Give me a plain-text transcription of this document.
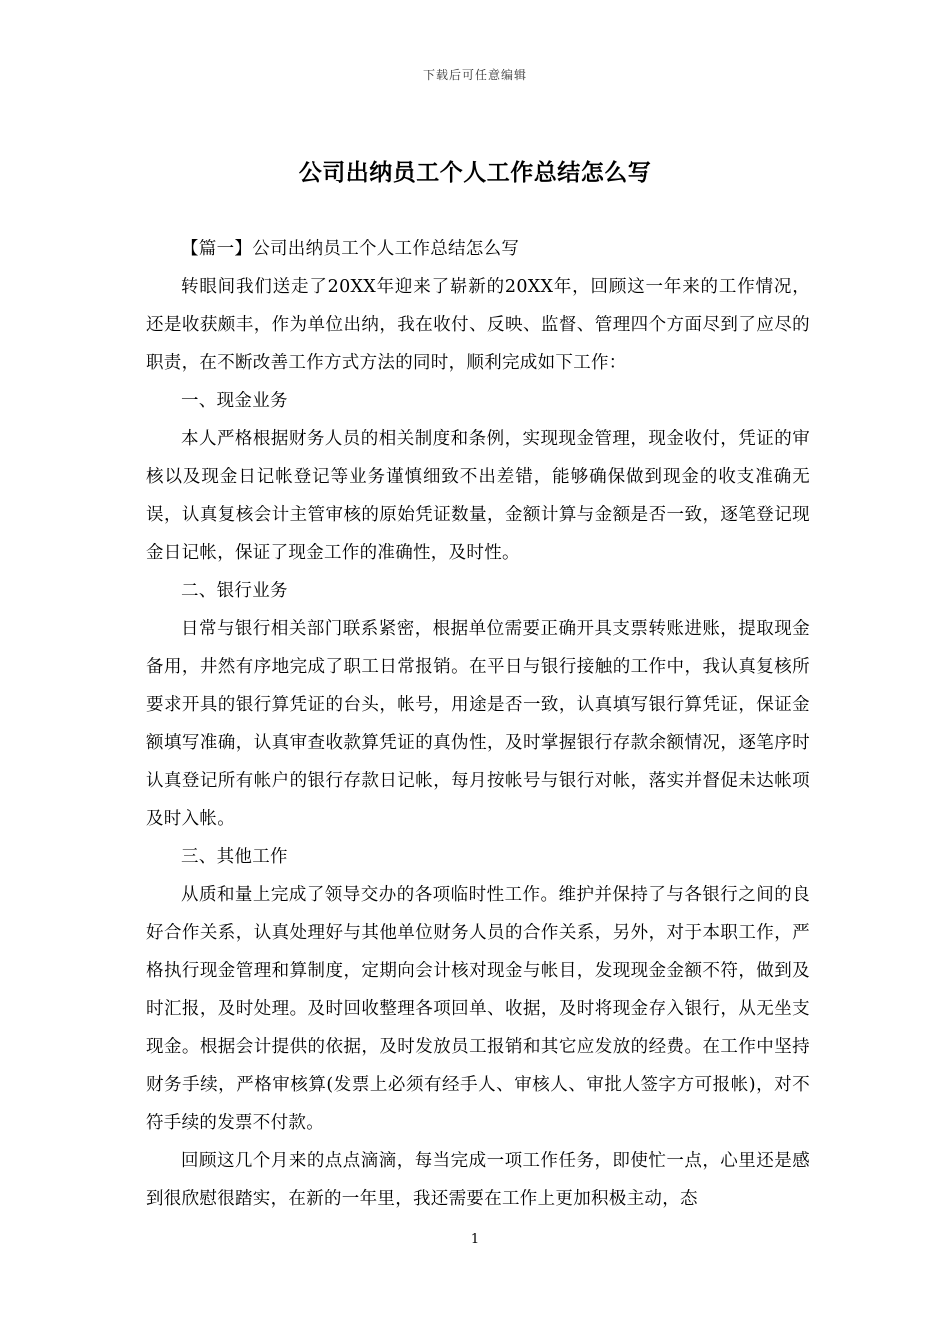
下载后可任意编辑
公司出纳员工个人工作总结怎么写

【篇一】公司出纳员工个人工作总结怎么写

转眼间我们送走了20XX年迎来了崭新的20XX年，回顾这一年来的工作情况，还是收获颇丰，作为单位出纳，我在收付、反映、监督、管理四个方面尽到了应尽的职责，在不断改善工作方式方法的同时，顺利完成如下工作：

一、现金业务

本人严格根据财务人员的相关制度和条例，实现现金管理，现金收付，凭证的审核以及现金日记帐登记等业务谨慎细致不出差错，能够确保做到现金的收支准确无误，认真复核会计主管审核的原始凭证数量，金额计算与金额是否一致，逐笔登记现金日记帐，保证了现金工作的准确性，及时性。

二、银行业务

日常与银行相关部门联系紧密，根据单位需要正确开具支票转账进账，提取现金备用，井然有序地完成了职工日常报销。在平日与银行接触的工作中，我认真复核所要求开具的银行算凭证的台头，帐号，用途是否一致，认真填写银行算凭证，保证金额填写准确，认真审查收款算凭证的真伪性，及时掌握银行存款余额情况，逐笔序时认真登记所有帐户的银行存款日记帐，每月按帐号与银行对帐，落实并督促未达帐项及时入帐。

三、其他工作

从质和量上完成了领导交办的各项临时性工作。维护并保持了与各银行之间的良好合作关系，认真处理好与其他单位财务人员的合作关系，另外，对于本职工作，严格执行现金管理和算制度，定期向会计核对现金与帐目，发现现金金额不符，做到及时汇报，及时处理。及时回收整理各项回单、收据，及时将现金存入银行，从无坐支现金。根据会计提供的依据，及时发放员工报销和其它应发放的经费。在工作中坚持财务手续，严格审核算(发票上必须有经手人、审核人、审批人签字方可报帐)，对不符手续的发票不付款。

回顾这几个月来的点点滴滴，每当完成一项工作任务，即使忙一点，心里还是感到很欣慰很踏实，在新的一年里，我还需要在工作上更加积极主动，态

1
